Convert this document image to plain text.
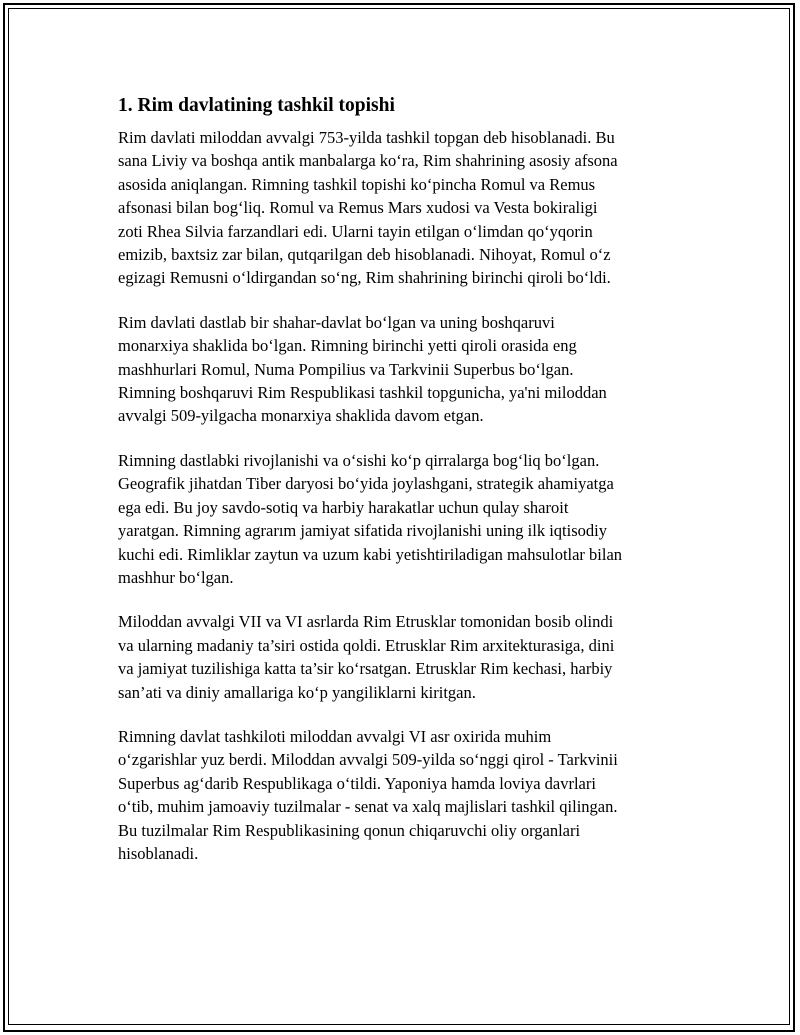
1. Rim davlatining tashkil topishi

Rim davlati miloddan avvalgi 753-yilda tashkil topgan deb hisoblanadi. Bu
sana Liviy va boshqa antik manbalarga ko‘ra, Rim shahrining asosiy afsona
asosida aniqlangan. Rimning tashkil topishi ko‘pincha Romul va Remus
afsonasi bilan bog‘liq. Romul va Remus Mars xudosi va Vesta bokiraligi
zoti Rhea Silvia farzandlari edi. Ularni tayin etilgan o‘limdan qo‘yqorin
emizib, baxtsiz zar bilan, qutqarilgan deb hisoblanadi. Nihoyat, Romul o‘z
egizagi Remusni o‘ldirgandan so‘ng, Rim shahrining birinchi qiroli bo‘ldi.

Rim davlati dastlab bir shahar-davlat bo‘lgan va uning boshqaruvi
monarxiya shaklida bo‘lgan. Rimning birinchi yetti qiroli orasida eng
mashhurlari Romul, Numa Pompilius va Tarkvinii Superbus bo‘lgan.
Rimning boshqaruvi Rim Respublikasi tashkil topgunicha, ya'ni miloddan
avvalgi 509-yilgacha monarxiya shaklida davom etgan.

Rimning dastlabki rivojlanishi va o‘sishi ko‘p qirralarga bog‘liq bo‘lgan.
Geografik jihatdan Tiber daryosi bo‘yida joylashgani, strategik ahamiyatga
ega edi. Bu joy savdo-sotiq va harbiy harakatlar uchun qulay sharoit
yaratgan. Rimning agrarım jamiyat sifatida rivojlanishi uning ilk iqtisodiy
kuchi edi. Rimliklar zaytun va uzum kabi yetishtiriladigan mahsulotlar bilan
mashhur bo‘lgan.

Miloddan avvalgi VII va VI asrlarda Rim Etrusklar tomonidan bosib olindi
va ularning madaniy ta’siri ostida qoldi. Etrusklar Rim arxitekturasiga, dini
va jamiyat tuzilishiga katta ta’sir ko‘rsatgan. Etrusklar Rim kechasi, harbiy
san’ati va diniy amallariga ko‘p yangiliklarni kiritgan.

Rimning davlat tashkiloti miloddan avvalgi VI asr oxirida muhim
o‘zgarishlar yuz berdi. Miloddan avvalgi 509-yilda so‘nggi qirol - Tarkvinii
Superbus ag‘darib Respublikaga o‘tildi. Yaponiya hamda loviya davrlari
o‘tib, muhim jamoaviy tuzilmalar - senat va xalq majlislari tashkil qilingan.
Bu tuzilmalar Rim Respublikasining qonun chiqaruvchi oliy organlari
hisoblanadi.
